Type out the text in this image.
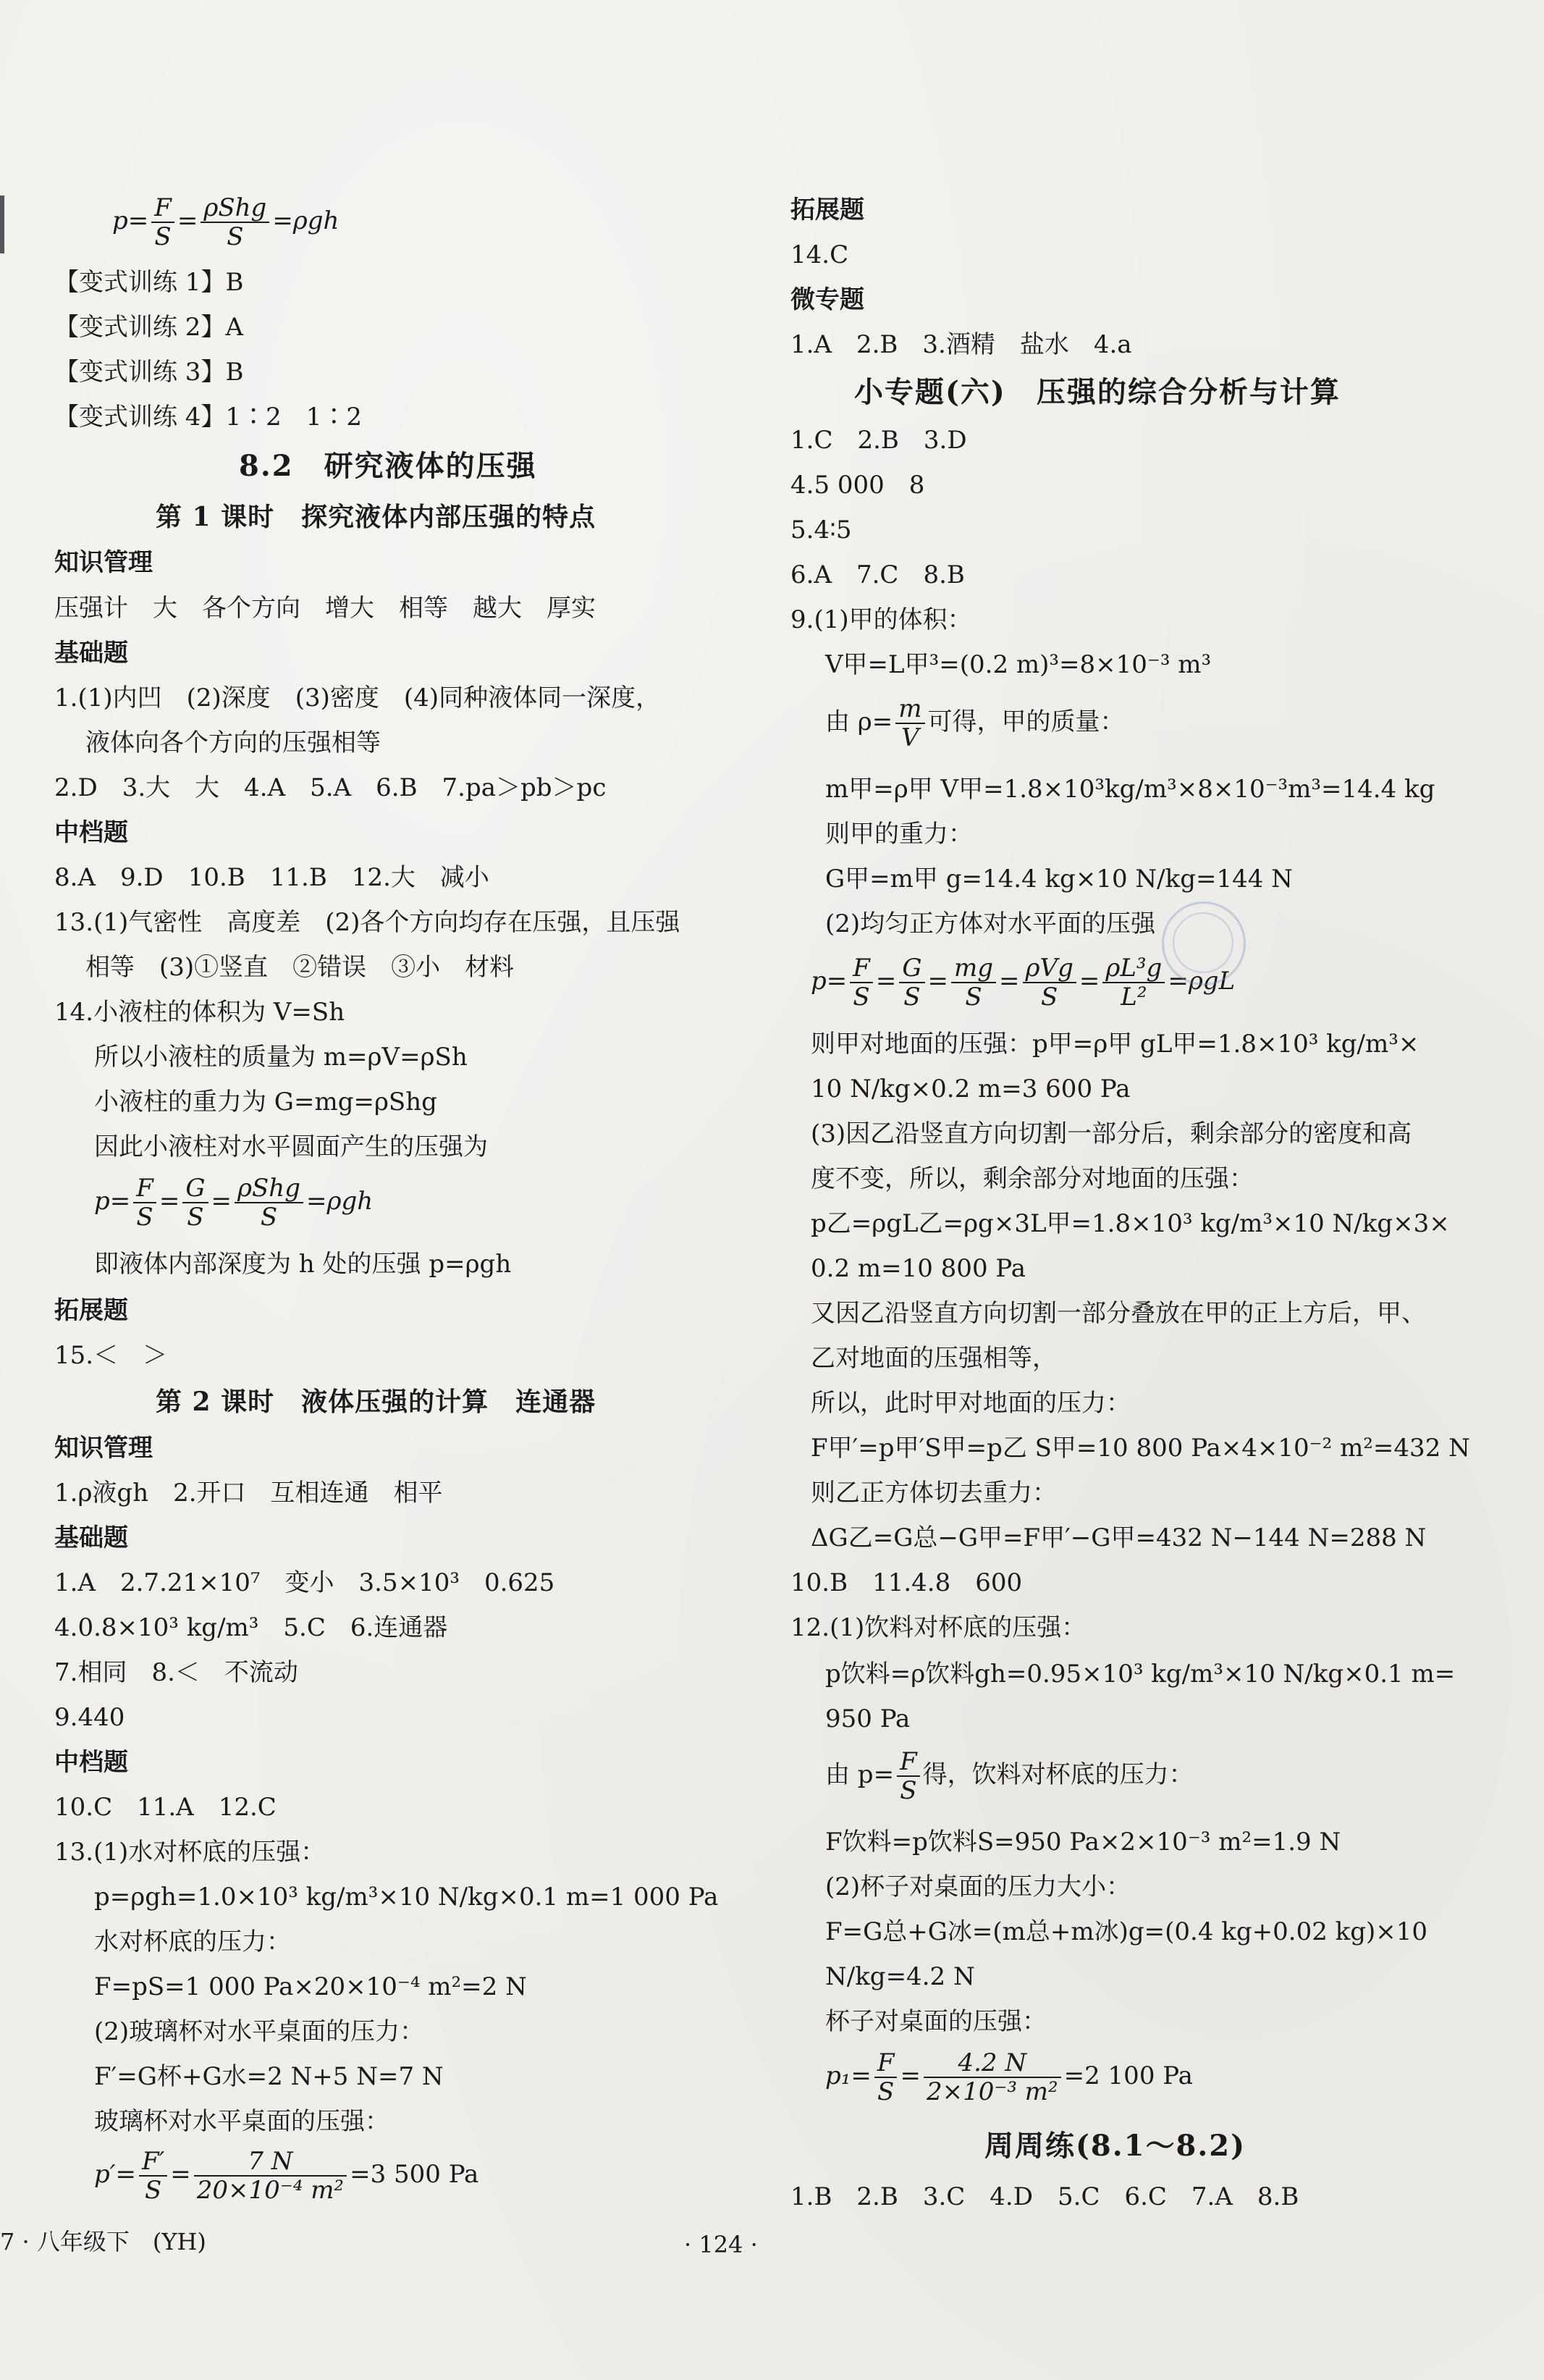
$p= \frac{F}{S} = \frac{\text{ρShg}}{S} =\rho gh$
【变式训练 1】B
【变式训练 2】A
【变式训练 3】B
【变式训练 4】1∶2　1∶2
8.2　研究液体的压强
第 1 课时　探究液体内部压强的特点
知识管理
压强计　大　各个方向　增大　相等　越大　厚实
基础题
1.(1)内凹　(2)深度　(3)密度　(4)同种液体同一深度，
液体向各个方向的压强相等
2.D　3.大　大　4.A　5.A　6.B　7.pa＞pb＞pc
中档题
8.A　9.D　10.B　11.B　12.大　减小
13.(1)气密性　高度差　(2)各个方向均存在压强，且压强
相等　(3)①竖直　②错误　③小　材料
14.小液柱的体积为 V=Sh
所以小液柱的质量为 m=ρV=ρSh
小液柱的重力为 G=mg=ρShg
因此小液柱对水平圆面产生的压强为
$p= \frac{F}{S} = \frac{G}{S} = \frac{\text{ρShg}}{S} =\rho gh$
即液体内部深度为 h 处的压强 p=ρgh
拓展题
15.＜　＞
第 2 课时　液体压强的计算　连通器
知识管理
1.ρ液gh　2.开口　互相连通　相平
基础题
1.A　2.7.21×10⁷　变小　3.5×10³　0.625
4.0.8×10³ kg/m³　5.C　6.连通器
7.相同　8.＜　不流动
9.440
中档题
10.C　11.A　12.C
13.(1)水对杯底的压强：
p=ρgh=1.0×10³ kg/m³×10 N/kg×0.1 m=1 000 Pa
水对杯底的压力：
F=pS=1 000 Pa×20×10⁻⁴ m²=2 N
(2)玻璃杯对水平桌面的压力：
F′=G杯+G水=2 N+5 N=7 N
玻璃杯对水平桌面的压强：
$p'= \frac{F'}{S} = \frac{7 N}{\text{20×10⁻⁴ m²}} =3$ 500 Pa
拓展题
14.C
微专题
1.A　2.B　3.酒精　盐水　4.a
小专题(六)　压强的综合分析与计算
1.C　2.B　3.D
4.5 000　8
5.4∶5
6.A　7.C　8.B
9.(1)甲的体积：
V甲=L甲³=(0.2 m)³=8×10⁻³ m³
由 $\rho= \frac{m}{V}$ 可得，甲的质量：
m甲=ρ甲 V甲=1.8×10³kg/m³×8×10⁻³m³=14.4 kg
则甲的重力：
G甲=m甲 g=14.4 kg×10 N/kg=144 N
(2)均匀正方体对水平面的压强
$p= \frac{F}{S} = \frac{G}{S} = \frac{mg}{S} = \frac{\text{ρVg}}{S} = \frac{\text{ρL³g}}{\text{L²}} =\rho gL$
则甲对地面的压强：p甲=ρ甲 gL甲=1.8×10³ kg/m³×
10 N/kg×0.2 m=3 600 Pa
(3)因乙沿竖直方向切割一部分后，剩余部分的密度和高
度不变，所以，剩余部分对地面的压强：
p乙=ρgL乙=ρg×3L甲=1.8×10³ kg/m³×10 N/kg×3×
0.2 m=10 800 Pa
又因乙沿竖直方向切割一部分叠放在甲的正上方后，甲、
乙对地面的压强相等，
所以，此时甲对地面的压力：
F甲′=p甲′S甲=p乙 S甲=10 800 Pa×4×10⁻² m²=432 N
则乙正方体切去重力：
ΔG乙=G总−G甲=F甲′−G甲=432 N−144 N=288 N
10.B　11.4.8　600
12.(1)饮料对杯底的压强：
p饮料=ρ饮料gh=0.95×10³ kg/m³×10 N/kg×0.1 m=
950 Pa
由 $p= \frac{F}{S}$ 得，饮料对杯底的压力：
F饮料=p饮料S=950 Pa×2×10⁻³ m²=1.9 N
(2)杯子对桌面的压力大小：
F=G总+G冰=(m总+m冰)g=(0.4 kg+0.02 kg)×10
N/kg=4.2 N
杯子对桌面的压强：
$p_1= \frac{F}{S} = \frac{4.2 N}{\text{2×10⁻³ m²}} =2$ 100 Pa
周周练(8.1～8.2)
1.B　2.B　3.C　4.D　5.C　6.C　7.A　8.B
7 · 八年级下　(YH)	· 124 ·
